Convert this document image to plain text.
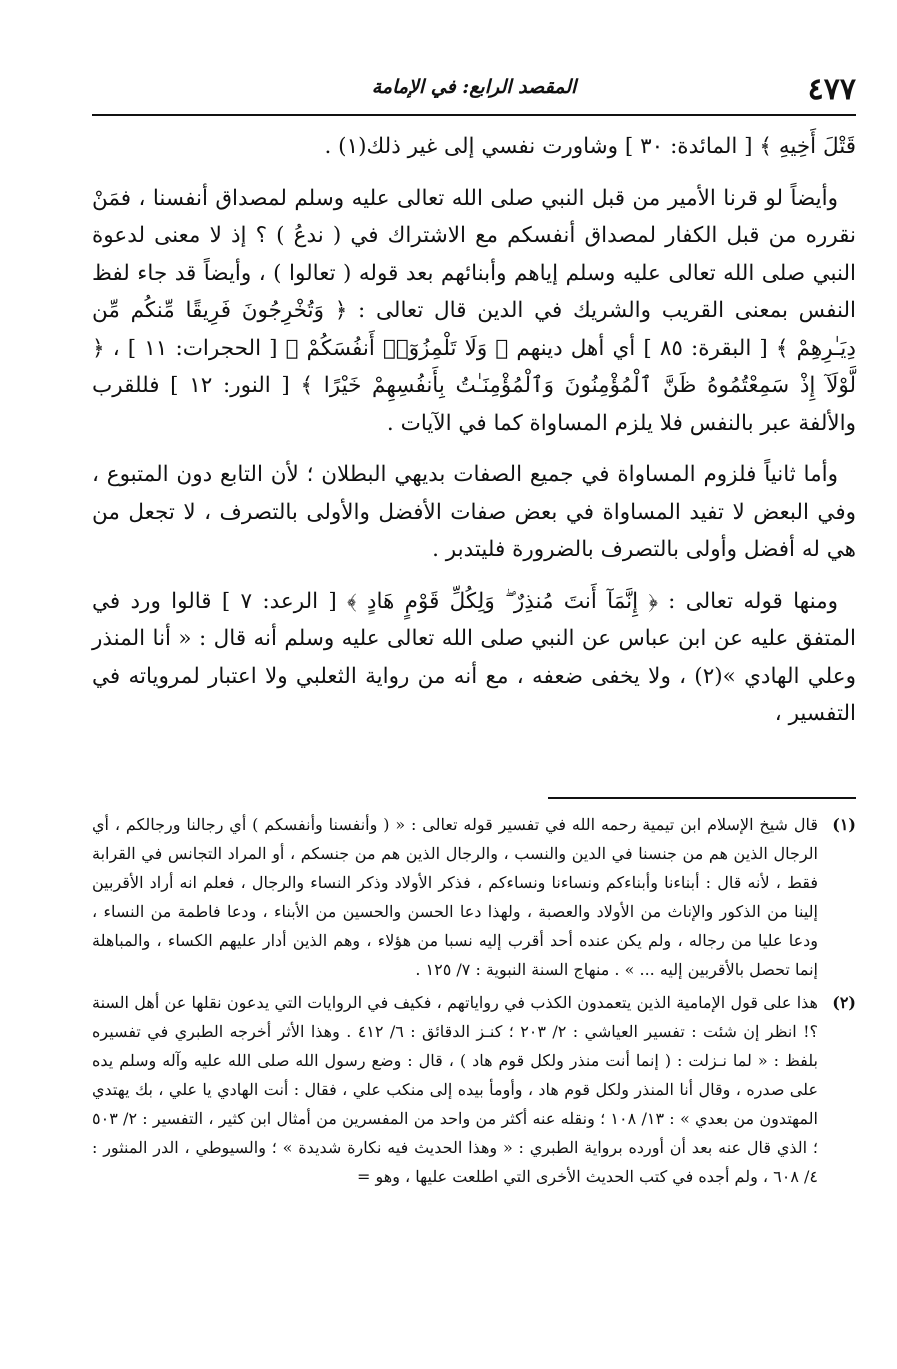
٤٧٧
المقصد الرابع: في الإمامة

قَتْلَ أَخِيهِ ﴾ [ المائدة: ٣٠ ] وشاورت نفسي إلى غير ذلك(١) .

وأيضاً لو قرنا الأمير من قبل النبي صلى الله تعالى عليه وسلم لمصداق أنفسنا ، فمَنْ نقرره من قبل الكفار لمصداق أنفسكم مع الاشتراك في ( ندعُ ) ؟ إذ لا معنى لدعوة النبي صلى الله تعالى عليه وسلم إياهم وأبنائهم بعد قوله ( تعالوا ) ، وأيضاً قد جاء لفظ النفس بمعنى القريب والشريك في الدين قال تعالى : ﴿ وَتُخْرِجُونَ فَرِيقًا مِّنكُم مِّن دِيَـٰرِهِمْ ﴾ [ البقرة: ٨٥ ] أي أهل دينهم ﴿ وَلَا تَلْمِزُوٓا۟ أَنفُسَكُمْ ﴾ [ الحجرات: ١١ ] ، ﴿ لَّوْلَآ إِذْ سَمِعْتُمُوهُ ظَنَّ ٱلْمُؤْمِنُونَ وَٱلْمُؤْمِنَـٰتُ بِأَنفُسِهِمْ خَيْرًا ﴾ [ النور: ١٢ ] فللقرب والألفة عبر بالنفس فلا يلزم المساواة كما في الآيات .

وأما ثانياً فلزوم المساواة في جميع الصفات بديهي البطلان ؛ لأن التابع دون المتبوع ، وفي البعض لا تفيد المساواة في بعض صفات الأفضل والأولى بالتصرف ، لا تجعل من هي له أفضل وأولى بالتصرف بالضرورة فليتدبر .

ومنها قوله تعالى : ﴿ إِنَّمَآ أَنتَ مُنذِرٌ ۖ وَلِكُلِّ قَوْمٍ هَادٍ ﴾ [ الرعد: ٧ ] قالوا ورد في المتفق عليه عن ابن عباس عن النبي صلى الله تعالى عليه وسلم أنه قال : « أنا المنذر وعلي الهادي »(٢) ، ولا يخفى ضعفه ، مع أنه من رواية الثعلبي ولا اعتبار لمروياته في التفسير ،

(١)
قال شيخ الإسلام ابن تيمية رحمه الله في تفسير قوله تعالى : « ( وأنفسنا وأنفسكم ) أي رجالنا ورجالكم ، أي الرجال الذين هم من جنسنا في الدين والنسب ، والرجال الذين هم من جنسكم ، أو المراد التجانس في القرابة فقط ، لأنه قال : أبناءنا وأبناءكم ونساءنا ونساءكم ، فذكر الأولاد وذكر النساء والرجال ، فعلم انه أراد الأقربين إلينا من الذكور والإناث من الأولاد والعصبة ، ولهذا دعا الحسن والحسين من الأبناء ، ودعا فاطمة من النساء ، ودعا عليا من رجاله ، ولم يكن عنده أحد أقرب إليه نسبا من هؤلاء ، وهم الذين أدار عليهم الكساء ، والمباهلة إنما تحصل بالأقربين إليه ... » . منهاج السنة النبوية : ٧/ ١٢٥ .
(٢)
هذا على قول الإمامية الذين يتعمدون الكذب في رواياتهم ، فكيف في الروايات التي يدعون نقلها عن أهل السنة ؟! انظر إن شئت : تفسير العياشي : ٢/ ٢٠٣ ؛ كنـز الدقائق : ٦/ ٤١٢ . وهذا الأثر أخرجه الطبري في تفسيره بلفظ : « لما نـزلت : ( إنما أنت منذر ولكل قوم هاد ) ، قال : وضع رسول الله صلى الله عليه وآله وسلم يده على صدره ، وقال أنا المنذر ولكل قوم هاد ، وأومأ بيده إلى منكب علي ، فقال : أنت الهادي يا علي ، بك يهتدي المهتدون من بعدي » : ١٣/ ١٠٨ ؛ ونقله عنه أكثر من واحد من المفسرين من أمثال ابن كثير ، التفسير : ٢/ ٥٠٣ ؛ الذي قال عنه بعد أن أورده برواية الطبري : « وهذا الحديث فيه نكارة شديدة » ؛ والسيوطي ، الدر المنثور : ٤/ ٦٠٨ ، ولم أجده في كتب الحديث الأخرى التي اطلعت عليها ، وهو =
